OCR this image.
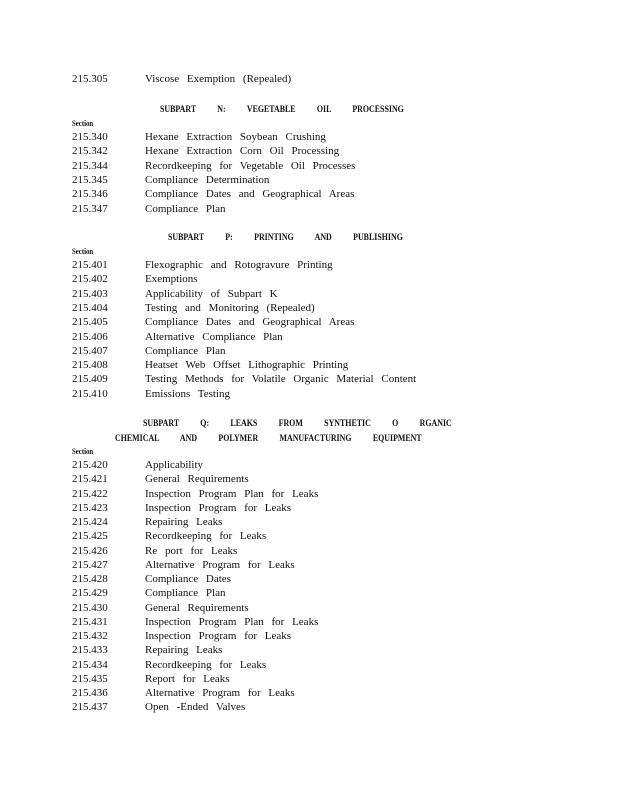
215.305	Viscose Exemption (Repealed)
SUBPART N: VEGETABLE OIL PROCESSING
Section
215.340	Hexane Extraction Soybean Crushing
215.342	Hexane Extraction Corn Oil Processing
215.344	Recordkeeping for Vegetable Oil Processes
215.345	Compliance Determination
215.346	Compliance Dates and Geographical Areas
215.347	Compliance Plan
SUBPART P: PRINTING AND PUBLISHING
Section
215.401	Flexographic and Rotogravure Printing
215.402	Exemptions
215.403	Applicability of Subpart K
215.404	Testing and Monitoring (Repealed)
215.405	Compliance Dates and Geographical Areas
215.406	Alternative Compliance Plan
215.407	Compliance Plan
215.408	Heatset Web Offset Lithographic Printing
215.409	Testing Methods for Volatile Organic Material Content
215.410	Emissions Testing
SUBPART Q: LEAKS FROM SYNTHETIC O RGANIC
CHEMICAL AND POLYMER MANUFACTURING EQUIPMENT
Section
215.420	Applicability
215.421	General Requirements
215.422	Inspection Program Plan for Leaks
215.423	Inspection Program for Leaks
215.424	Repairing Leaks
215.425	Recordkeeping for Leaks
215.426	Re port for Leaks
215.427	Alternative Program for Leaks
215.428	Compliance Dates
215.429	Compliance Plan
215.430	General Requirements
215.431	Inspection Program Plan for Leaks
215.432	Inspection Program for Leaks
215.433	Repairing Leaks
215.434	Recordkeeping for Leaks
215.435	Report for Leaks
215.436	Alternative Program for Leaks
215.437	Open -Ended Valves
